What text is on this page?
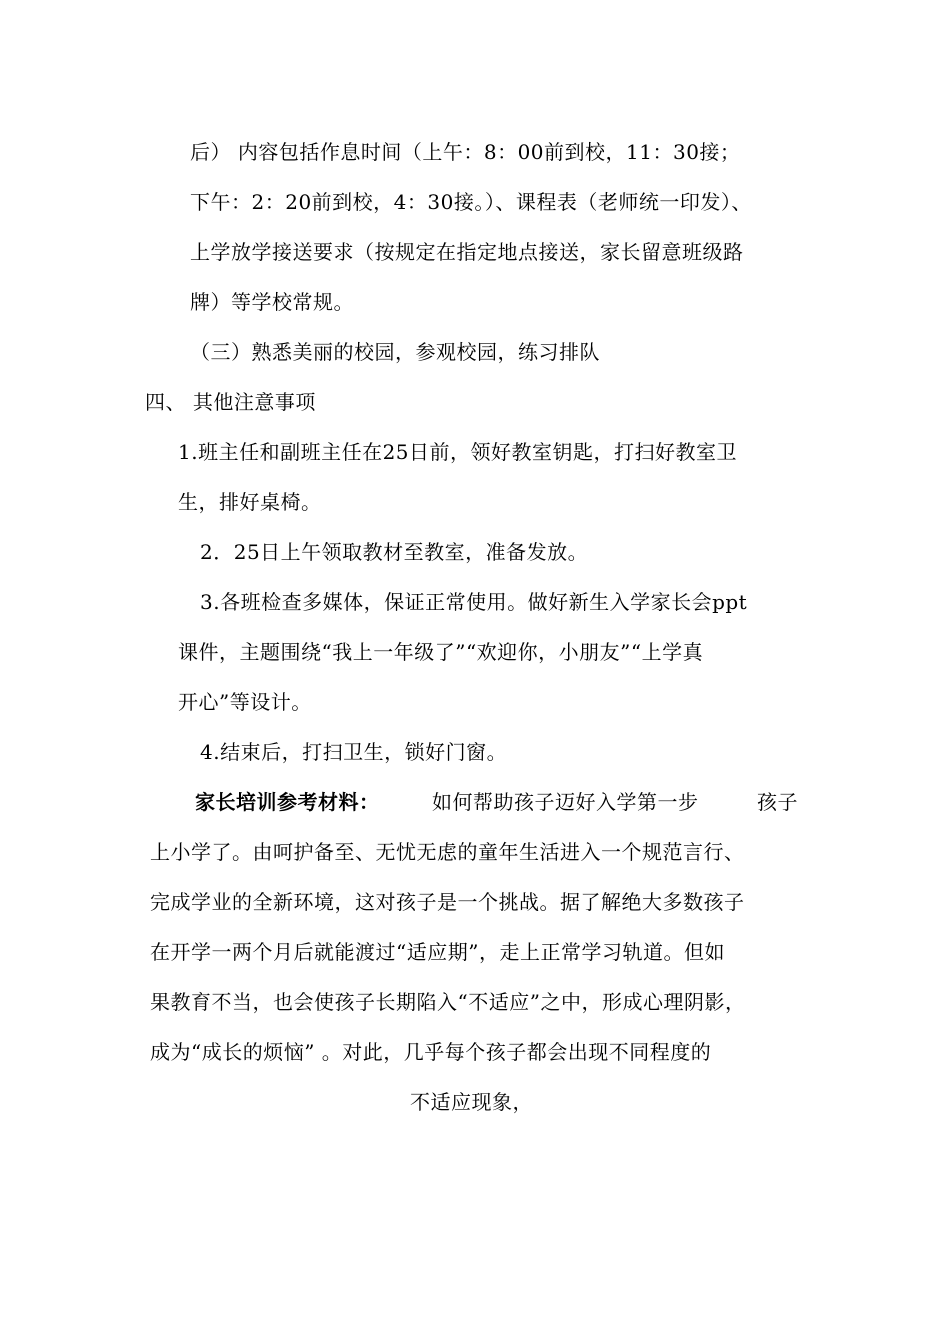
后） 内容包括作息时间（上午：8：00前到校，11：30接；
下午：2：20前到校，4：30接。）、课程表（老师统一印发）、
上学放学接送要求（按规定在指定地点接送，家长留意班级路
牌）等学校常规。
（三）熟悉美丽的校园，参观校园，练习排队
四、 其他注意事项
1.班主任和副班主任在25日前，领好教室钥匙，打扫好教室卫
生，排好桌椅。
2．25日上午领取教材至教室，准备发放。
3.各班检查多媒体，保证正常使用。做好新生入学家长会ppt
课件，主题围绕“我上一年级了”“欢迎你，小朋友”“上学真
开心”等设计。
4.结束后，打扫卫生，锁好门窗。
家长培训参考材料：	如何帮助孩子迈好入学第一步	孩子
上小学了。由呵护备至、无忧无虑的童年生活进入一个规范言行、
完成学业的全新环境，这对孩子是一个挑战。据了解绝大多数孩子
在开学一两个月后就能渡过“适应期”，走上正常学习轨道。但如
果教育不当，也会使孩子长期陷入“不适应”之中，形成心理阴影，
成为“成长的烦恼” 。对此，几乎每个孩子都会出现不同程度的
不适应现象，
